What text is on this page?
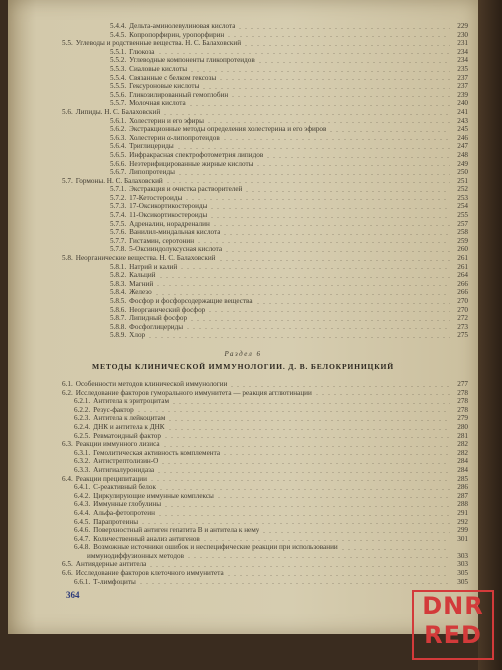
5.4.4. Дельта-аминолевулиновая кислота	229
5.4.5. Копропорфирин, уропорфирин	230
5.5. Углеводы и родственные вещества. Н. С. Балаховский	231
5.5.1. Глюкоза	234
5.5.2. Углеводные компоненты гликопротеидов	234
5.5.3. Сиаловые кислоты	235
5.5.4. Связанные с белком гексозы	237
5.5.5. Гексуроновые кислоты	237
5.5.6. Гликозилированный гемоглобин	239
5.5.7. Молочная кислота	240
5.6. Липиды. Н. С. Балаховский	241
5.6.1. Холестерин и его эфиры	243
5.6.2. Экстракционные методы определения холестерина и его эфиров	245
5.6.3. Холестерин α-липопротеидов	246
5.6.4. Триглицериды	247
5.6.5. Инфракрасная спектрофотометрия липидов	248
5.6.6. Неэтерифицированные жирные кислоты	249
5.6.7. Липопротеиды	250
5.7. Гормоны. Н. С. Балаховский	251
5.7.1. Экстракция и очистка растворителей	252
5.7.2. 17-Кетостероиды	253
5.7.3. 17-Оксикортикостероиды	254
5.7.4. 11-Оксикортикостероиды	255
5.7.5. Адреналин, норадреналин	257
5.7.6. Ванилил-миндальная кислота	258
5.7.7. Гистамин, серотонин	259
5.7.8. 5-Оксииндолуксусная кислота	260
5.8. Неорганические вещества. Н. С. Балаховский	261
5.8.1. Натрий и калий	261
5.8.2. Кальций	264
5.8.3. Магний	266
5.8.4. Железо	266
5.8.5. Фосфор и фосфорсодержащие вещества	270
5.8.6. Неорганический фосфор	270
5.8.7. Липидный фосфор	272
5.8.8. Фосфоглицериды	273
5.8.9. Хлор	275
Раздел 6
МЕТОДЫ КЛИНИЧЕСКОЙ ИММУНОЛОГИИ. Д. В. БЕЛОКРИНИЦКИЙ
6.1. Особенности методов клинической иммунологии	277
6.2. Исследование факторов гуморального иммунитета — реакция агглютинации	278
6.2.1. Антитела к эритроцитам	278
6.2.2. Резус-фактор	278
6.2.3. Антитела к лейкоцитам	279
6.2.4. ДНК и антитела к ДНК	280
6.2.5. Ревматоидный фактор	281
6.3. Реакции иммунного лизиса	282
6.3.1. Гемолитическая активность комплемента	282
6.3.2. Антистрептолизин-О	284
6.3.3. Антигиалуронидаза	284
6.4. Реакции преципитации	285
6.4.1. С-реактивный белок	286
6.4.2. Циркулирующие иммунные комплексы	287
6.4.3. Иммунные глобулины	288
6.4.4. Альфа-фетопротеин	291
6.4.5. Парапротеины	292
6.4.6. Поверхностный антиген гепатита В и антитела к нему	299
6.4.7. Количественный анализ антигенов	301
6.4.8. Возможные источники ошибок и неспецифические реакции при использовании
иммунодиффузионных методов	303
6.5. Антиядерные антитела	303
6.6. Исследование факторов клеточного иммунитета	305
6.6.1. Т-лимфоциты	305
364	DNR
RED
